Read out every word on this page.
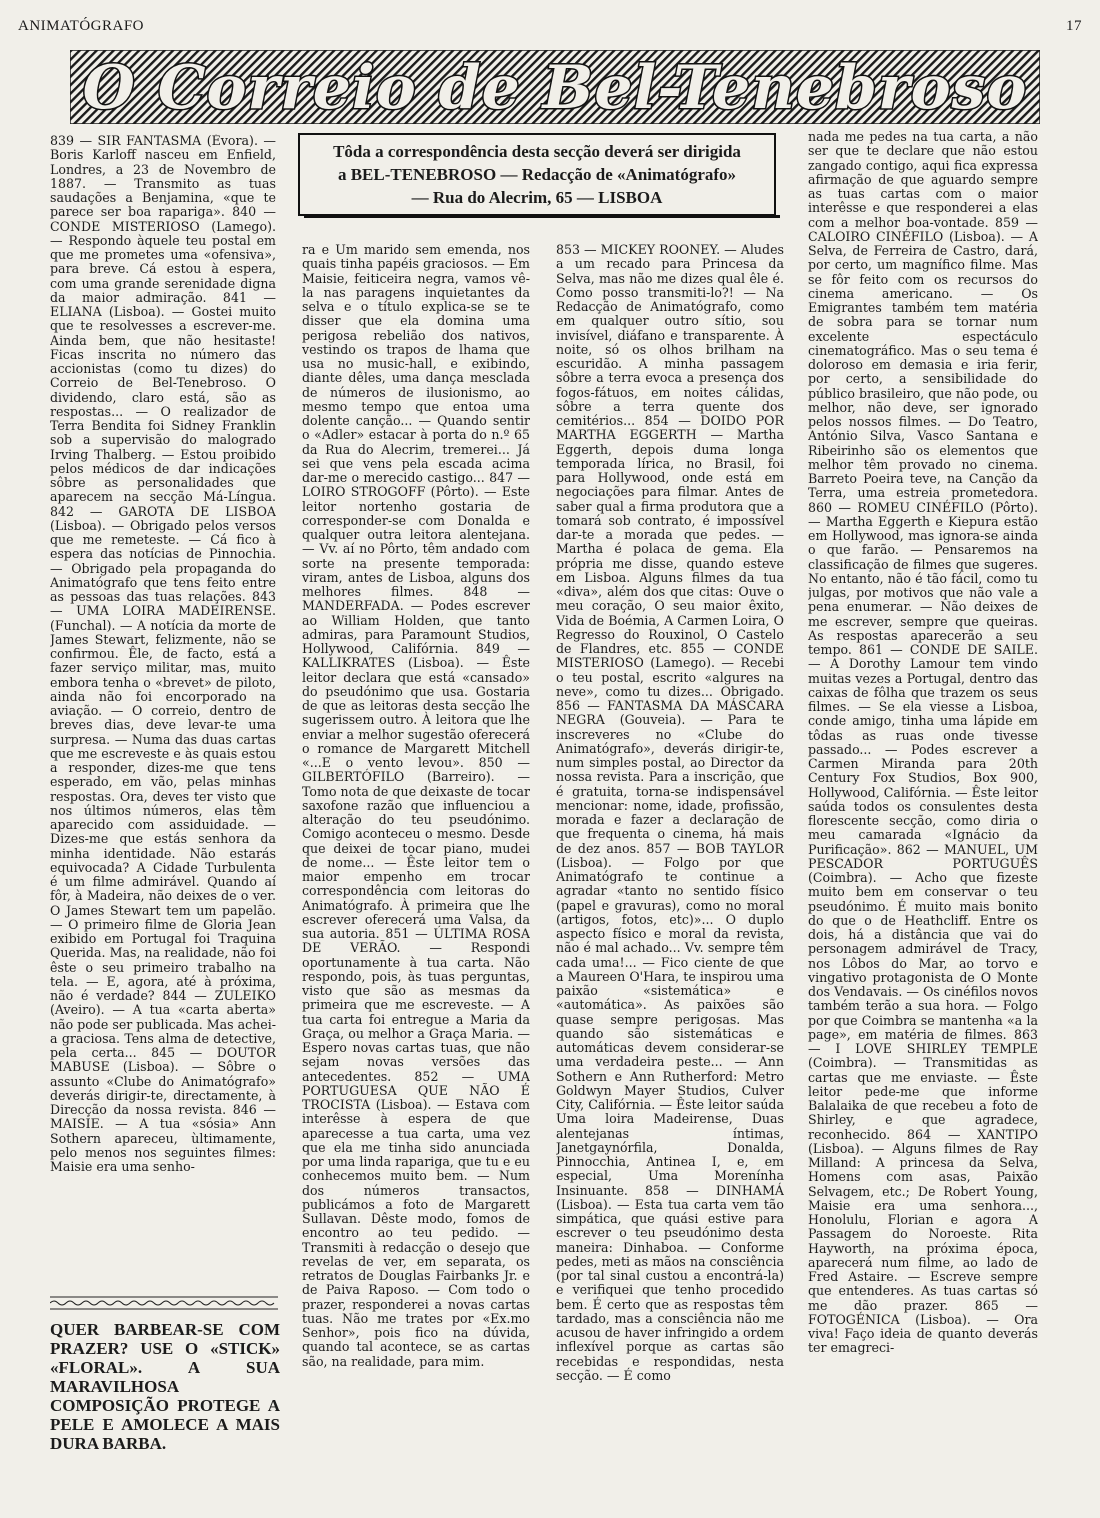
ANIMATÓGRAFO	17
O Correio de Bel-Tenebroso
Tôda a correspondência desta secção deverá ser dirigida
a BEL-TENEBROSO — Redacção de «Animatógrafo»
— Rua do Alecrim, 65 — LISBOA

839 — SIR FANTASMA (Évora). — Boris Karloff nasceu em Enfield, Londres, a 23 de Novembro de 1887. — Transmito as tuas saudações a Benjamina, «que te parece ser boa rapariga». 840 — CONDE MISTERIOSO (Lamego). — Respondo àquele teu postal em que me prometes uma «ofensiva», para breve. Cá estou à espera, com uma grande serenidade digna da maior admiração. 841 — ELIANA (Lisboa). — Gostei muito que te resolvesses a escrever-me. Ainda bem, que não hesitaste! Ficas inscrita no número das accionistas (como tu dizes) do Correio de Bel-Tenebroso. O dividendo, claro está, são as respostas... — O realizador de Terra Bendita foi Sidney Franklin sob a supervisão do malogrado Irving Thalberg. — Estou proibido pelos médicos de dar indicações sôbre as personalidades que aparecem na secção Má-Língua. 842 — GAROTA DE LISBOA (Lisboa). — Obrigado pelos versos que me remeteste. — Cá fico à espera das notícias de Pinnochia. — Obrigado pela propaganda do Animatógrafo que tens feito entre as pessoas das tuas relações. 843 — UMA LOIRA MADEIRENSE. (Funchal). — A notícia da morte de James Stewart, felizmente, não se confirmou. Êle, de facto, está a fazer serviço militar, mas, muito embora tenha o «brevet» de piloto, ainda não foi encorporado na aviação. — O correio, dentro de breves dias, deve levar-te uma surpresa. — Numa das duas cartas que me escreveste e às quais estou a responder, dizes-me que tens esperado, em vão, pelas minhas respostas. Ora, deves ter visto que nos últimos números, elas têm aparecido com assiduidade. — Dizes-me que estás senhora da minha identidade. Não estarás equivocada? A Cidade Turbulenta é um filme admirável. Quando aí fôr, à Madeira, não deixes de o ver. O James Stewart tem um papelão. — O primeiro filme de Gloria Jean exibido em Portugal foi Traquina Querida. Mas, na realidade, não foi êste o seu primeiro trabalho na tela. — E, agora, até à próxima, não é verdade? 844 — ZULEIKO (Aveiro). — A tua «carta aberta» não pode ser publicada. Mas achei-a graciosa. Tens alma de detective, pela certa... 845 — DOUTOR MABUSE (Lisboa). — Sôbre o assunto «Clube do Animatógrafo» deverás dirigir-te, directamente, à Direcção da nossa revista. 846 — MAISIE. — A tua «sósia» Ann Sothern apareceu, ùltimamente, pelo menos nos seguintes filmes: Maisie era uma senho-

ra e Um marido sem emenda, nos quais tinha papéis graciosos. — Em Maisie, feiticeira negra, vamos vê-la nas paragens inquietantes da selva e o título explica-se se te disser que ela domina uma perigosa rebelião dos nativos, vestindo os trapos de lhama que usa no music-hall, e exibindo, diante dêles, uma dança mesclada de números de ilusionismo, ao mesmo tempo que entoa uma dolente canção... — Quando sentir o «Adler» estacar à porta do n.º 65 da Rua do Alecrim, tremerei... Já sei que vens pela escada acima dar-me o merecido castigo... 847 — LOIRO STROGOFF (Pôrto). — Este leitor nortenho gostaria de corresponder-se com Donalda e qualquer outra leitora alentejana. — Vv. aí no Pôrto, têm andado com sorte na presente temporada: viram, antes de Lisboa, alguns dos melhores filmes. 848 — MANDERFADA. — Podes escrever ao William Holden, que tanto admiras, para Paramount Studios, Hollywood, Califórnia. 849 — KALLIKRATES (Lisboa). — Êste leitor declara que está «cansado» do pseudónimo que usa. Gostaria de que as leitoras desta secção lhe sugerissem outro. À leitora que lhe enviar a melhor sugestão oferecerá o romance de Margarett Mitchell «...E o vento levou». 850 — GILBERTÓFILO (Barreiro). — Tomo nota de que deixaste de tocar saxofone razão que influenciou a alteração do teu pseudónimo. Comigo aconteceu o mesmo. Desde que deixei de tocar piano, mudei de nome... — Êste leitor tem o maior empenho em trocar correspondência com leitoras do Animatógrafo. À primeira que lhe escrever oferecerá uma Valsa, da sua autoria. 851 — ÚLTIMA ROSA DE VERÃO. — Respondi oportunamente à tua carta. Não respondo, pois, às tuas perguntas, visto que são as mesmas da primeira que me escreveste. — A tua carta foi entregue a Maria da Graça, ou melhor a Graça Maria. — Espero novas cartas tuas, que não sejam novas versões das antecedentes. 852 — UMA PORTUGUESA QUE NÃO É TROCISTA (Lisboa). — Estava com interêsse à espera de que aparecesse a tua carta, uma vez que ela me tinha sido anunciada por uma linda rapariga, que tu e eu conhecemos muito bem. — Num dos números transactos, publicámos a foto de Margarett Sullavan. Dêste modo, fomos de encontro ao teu pedido. — Transmiti à redacção o desejo que revelas de ver, em separata, os retratos de Douglas Fairbanks Jr. e de Paiva Raposo. — Com todo o prazer, responderei a novas cartas tuas. Não me trates por «Ex.mo Senhor», pois fico na dúvida, quando tal acontece, se as cartas são, na realidade, para mim.

853 — MICKEY ROONEY. — Aludes a um recado para Princesa da Selva, mas não me dizes qual êle é. Como posso transmiti-lo?! — Na Redacção de Animatógrafo, como em qualquer outro sítio, sou invisível, diáfano e transparente. À noite, só os olhos brilham na escuridão. A minha passagem sôbre a terra evoca a presença dos fogos-fátuos, em noites cálidas, sôbre a terra quente dos cemitérios... 854 — DOIDO POR MARTHA EGGERTH — Martha Eggerth, depois duma longa temporada lírica, no Brasil, foi para Hollywood, onde está em negociações para filmar. Antes de saber qual a firma produtora que a tomará sob contrato, é impossível dar-te a morada que pedes. — Martha é polaca de gema. Ela própria me disse, quando esteve em Lisboa. Alguns filmes da tua «diva», além dos que citas: Ouve o meu coração, O seu maior êxito, Vida de Boémia, A Carmen Loira, O Regresso do Rouxinol, O Castelo de Flandres, etc. 855 — CONDE MISTERIOSO (Lamego). — Recebi o teu postal, escrito «algures na neve», como tu dizes... Obrigado. 856 — FANTASMA DA MÁSCARA NEGRA (Gouveia). — Para te inscreveres no «Clube do Animatógrafo», deverás dirigir-te, num simples postal, ao Director da nossa revista. Para a inscrição, que é gratuita, torna-se indispensável mencionar: nome, idade, profissão, morada e fazer a declaração de que frequenta o cinema, há mais de dez anos. 857 — BOB TAYLOR (Lisboa). — Folgo por que Animatógrafo te continue a agradar «tanto no sentido físico (papel e gravuras), como no moral (artigos, fotos, etc)»... O duplo aspecto físico e moral da revista, não é mal achado... Vv. sempre têm cada uma!... — Fico ciente de que a Maureen O'Hara, te inspirou uma paixão «sistemática» e «automática». As paixões são quase sempre perigosas. Mas quando são sistemáticas e automáticas devem considerar-se uma verdadeira peste... — Ann Sothern e Ann Rutherford: Metro Goldwyn Mayer Studios, Culver City, Califórnia. — Êste leitor saúda Uma loira Madeirense, Duas alentejanas íntimas, Janetgaynórfila, Donalda, Pinnocchia, Antinea I, e, em especial, Uma Morenínha Insinuante. 858 — DINHAMÁ (Lisboa). — Esta tua carta vem tão simpática, que quási estive para escrever o teu pseudónimo desta maneira: Dinhaboa. — Conforme pedes, meti as mãos na consciência (por tal sinal custou a encontrá-la) e verifiquei que tenho procedido bem. É certo que as respostas têm tardado, mas a consciência não me acusou de haver infringido a ordem inflexível porque as cartas são recebidas e respondidas, nesta secção. — É como

nada me pedes na tua carta, a não ser que te declare que não estou zangado contigo, aqui fica expressa afirmação de que aguardo sempre as tuas cartas com o maior interêsse e que responderei a elas com a melhor boa-vontade. 859 — CALOIRO CINÉFILO (Lisboa). — A Selva, de Ferreira de Castro, dará, por certo, um magnífico filme. Mas se fôr feito com os recursos do cinema americano. — Os Emigrantes também tem matéria de sobra para se tornar num excelente espectáculo cinematográfico. Mas o seu tema é doloroso em demasia e iria ferir, por certo, a sensibilidade do público brasileiro, que não pode, ou melhor, não deve, ser ignorado pelos nossos filmes. — Do Teatro, António Silva, Vasco Santana e Ribeirinho são os elementos que melhor têm provado no cinema. Barreto Poeira teve, na Canção da Terra, uma estreia prometedora. 860 — ROMEU CINÉFILO (Pôrto). — Martha Eggerth e Kiepura estão em Hollywood, mas ignora-se ainda o que farão. — Pensaremos na classificação de filmes que sugeres. No entanto, não é tão fácil, como tu julgas, por motivos que não vale a pena enumerar. — Não deixes de me escrever, sempre que queiras. As respostas aparecerão a seu tempo. 861 — CONDE DE SAILE. — A Dorothy Lamour tem vindo muitas vezes a Portugal, dentro das caixas de fôlha que trazem os seus filmes. — Se ela viesse a Lisboa, conde amigo, tinha uma lápide em tôdas as ruas onde tivesse passado... — Podes escrever a Carmen Miranda para 20th Century Fox Studios, Box 900, Hollywood, Califórnia. — Êste leitor saúda todos os consulentes desta florescente secção, como diria o meu camarada «Ignácio da Purificação». 862 — MANUEL, UM PESCADOR PORTUGUÊS (Coimbra). — Acho que fizeste muito bem em conservar o teu pseudónimo. É muito mais bonito do que o de Heathcliff. Entre os dois, há a distância que vai do personagem admirável de Tracy, nos Lôbos do Mar, ao torvo e vingativo protagonista de O Monte dos Vendavais. — Os cinéfilos novos também terão a sua hora. — Folgo por que Coimbra se mantenha «a la page», em matéria de filmes. 863 — I LOVE SHIRLEY TEMPLE (Coimbra). — Transmitidas as cartas que me enviaste. — Êste leitor pede-me que informe Balalaika de que recebeu a foto de Shirley, e que agradece, reconhecido. 864 — XANTIPO (Lisboa). — Alguns filmes de Ray Milland: A princesa da Selva, Homens com asas, Paixão Selvagem, etc.; De Robert Young, Maisie era uma senhora..., Honolulu, Florian e agora A Passagem do Noroeste. Rita Hayworth, na próxima época, aparecerá num filme, ao lado de Fred Astaire. — Escreve sempre que entenderes. As tuas cartas só me dão prazer. 865 — FOTOGÉNICA (Lisboa). — Ora viva! Faço ideia de quanto deverás ter emagreci-

QUER BARBEAR-SE COM PRAZER? USE O «STICK» «FLORAL». A SUA MARAVILHOSA COMPOSIÇÃO PROTEGE A PELE E AMOLECE A MAIS DURA BARBA.
